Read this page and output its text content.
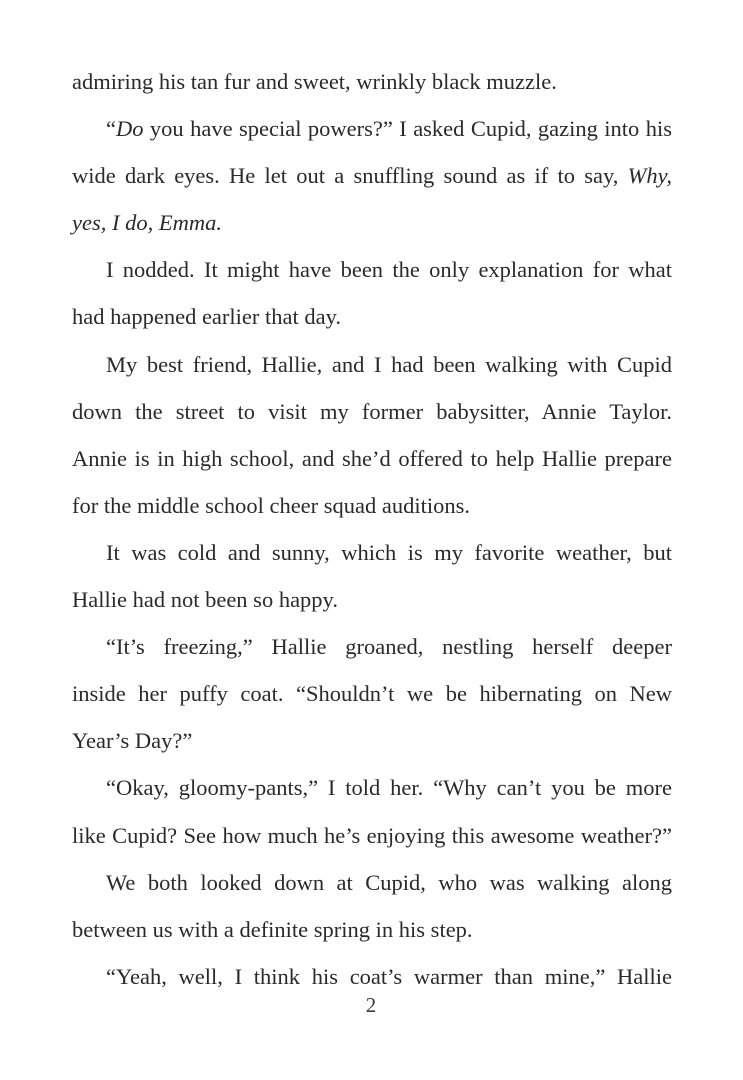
admiring his tan fur and sweet, wrinkly black muzzle.
“Do you have special powers?” I asked Cupid, gazing into his
wide dark eyes. He let out a snuffling sound as if to say, Why,
yes, I do, Emma.
I nodded. It might have been the only explanation for what
had happened earlier that day.
My best friend, Hallie, and I had been walking with Cupid
down the street to visit my former babysitter, Annie Taylor.
Annie is in high school, and she’d offered to help Hallie prepare
for the middle school cheer squad auditions.
It was cold and sunny, which is my favorite weather, but
Hallie had not been so happy.
“It’s freezing,” Hallie groaned, nestling herself deeper
inside her puffy coat. “Shouldn’t we be hibernating on New
Year’s Day?”
“Okay, gloomy-pants,” I told her. “Why can’t you be more
like Cupid? See how much he’s enjoying this awesome weather?”
We both looked down at Cupid, who was walking along
between us with a definite spring in his step.
“Yeah, well, I think his coat’s warmer than mine,” Hallie
2
